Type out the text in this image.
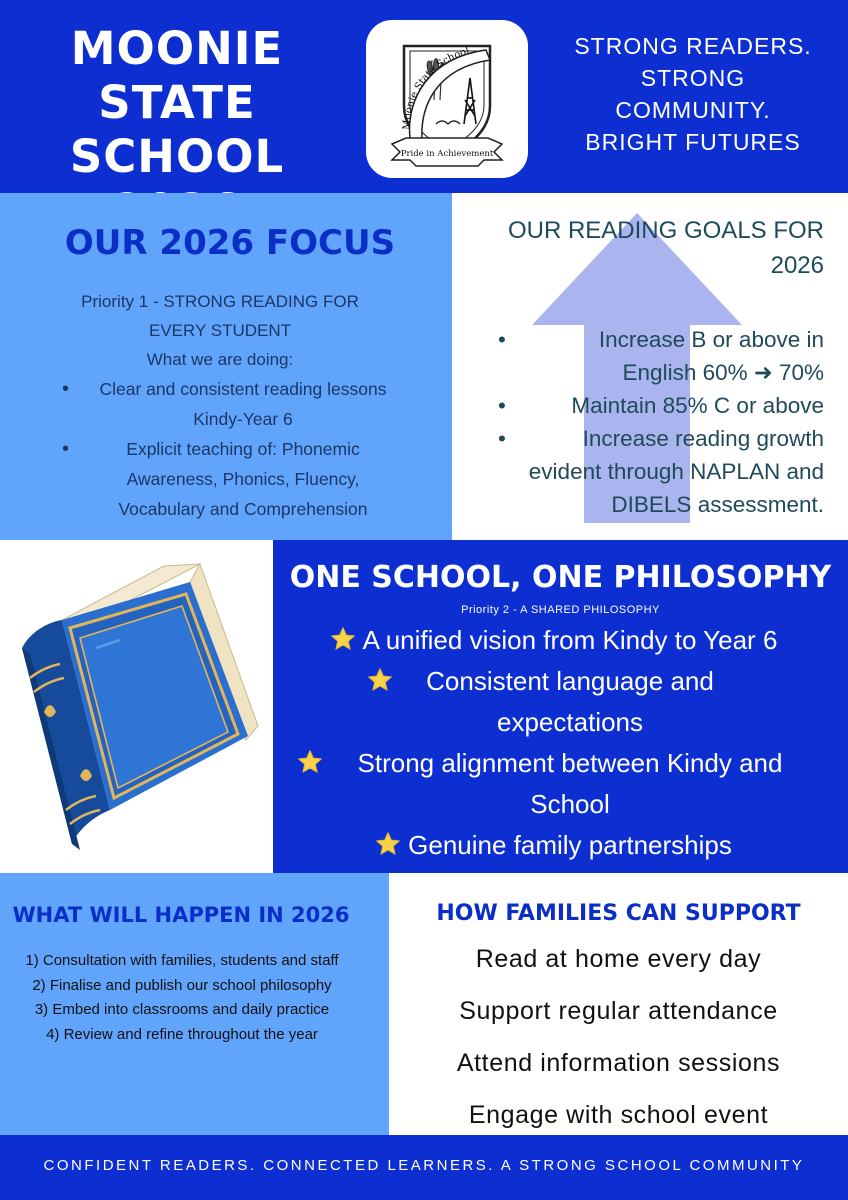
MOONIE
STATE
SCHOOL
Moonie State School
Pride in Achievement
STRONG READERS.
STRONG
COMMUNITY.
BRIGHT FUTURES
OUR 2026 FOCUS
Priority 1 - STRONG READING FOR
EVERY STUDENT
What we are doing:
• Clear and consistent reading lessons Kindy-Year 6
• Explicit teaching of: Phonemic Awareness, Phonics, Fluency, Vocabulary and Comprehension
OUR READING GOALS FOR 2026
• Increase B or above in English 60% ➜ 70%
• Maintain 85% C or above
• Increase reading growth evident through NAPLAN and DIBELS assessment.
ONE SCHOOL, ONE PHILOSOPHY
Priority 2 - A SHARED PHILOSOPHY
A unified vision from Kindy to Year 6
Consistent language and expectations
Strong alignment between Kindy and School
Genuine family partnerships
WHAT WILL HAPPEN IN 2026
1) Consultation with families, students and staff
2) Finalise and publish our school philosophy
3) Embed into classrooms and daily practice
4) Review and refine throughout the year
HOW FAMILIES CAN SUPPORT
Read at home every day
Support regular attendance
Attend information sessions
Engage with school event
CONFIDENT READERS. CONNECTED LEARNERS. A STRONG SCHOOL COMMUNITY
